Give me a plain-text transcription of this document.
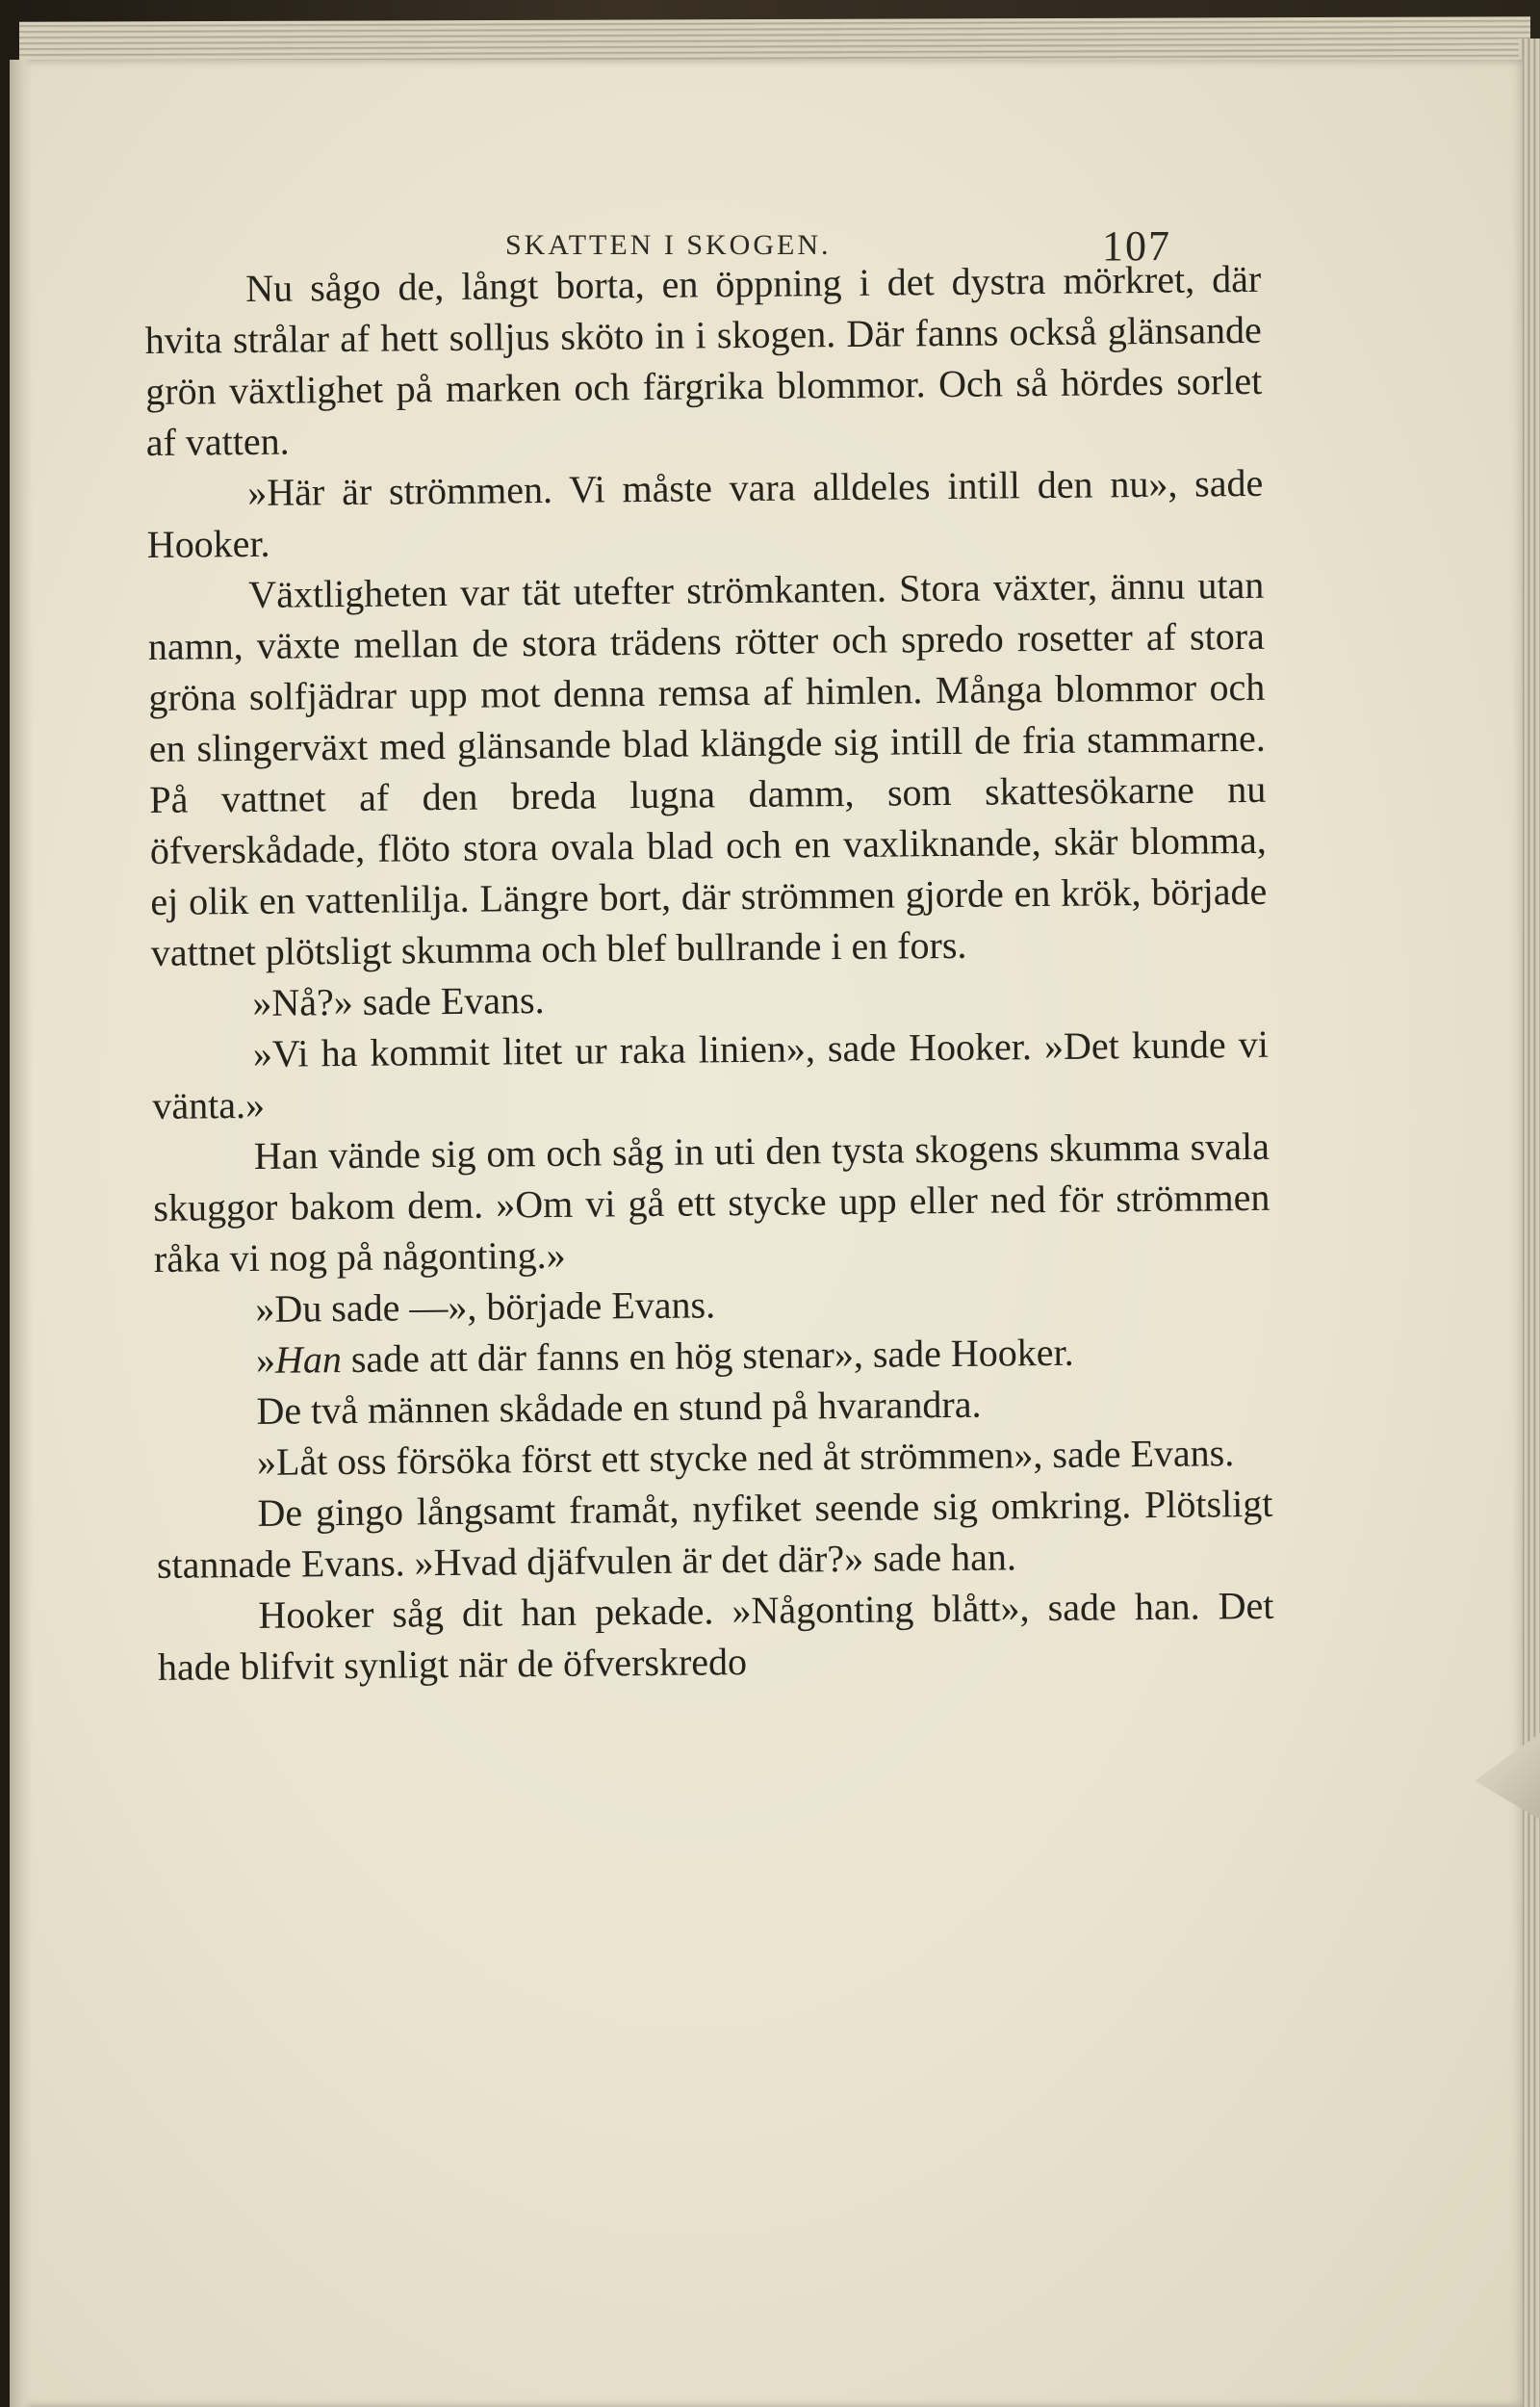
SKATTEN I SKOGEN.	107

Nu sågo de, långt borta, en öppning i det dystra mörkret, där hvita strålar af hett solljus sköto in i skogen. Där fanns också glänsande grön växtlighet på marken och färgrika blommor. Och så hördes sorlet af vatten.

»Här är strömmen. Vi måste vara alldeles intill den nu», sade Hooker.

Växtligheten var tät utefter strömkanten. Stora växter, ännu utan namn, växte mellan de stora trädens rötter och spredo rosetter af stora gröna solfjädrar upp mot denna remsa af himlen. Många blommor och en slingerväxt med glänsande blad klängde sig intill de fria stammarne. På vattnet af den breda lugna damm, som skattesökarne nu öfverskådade, flöto stora ovala blad och en vaxliknande, skär blomma, ej olik en vattenlilja. Längre bort, där strömmen gjorde en krök, började vattnet plötsligt skumma och blef bullrande i en fors.

»Nå?» sade Evans.

»Vi ha kommit litet ur raka linien», sade Hooker. »Det kunde vi vänta.»

Han vände sig om och såg in uti den tysta skogens skumma svala skuggor bakom dem. »Om vi gå ett stycke upp eller ned för strömmen råka vi nog på någonting.»

»Du sade —», började Evans.

»Han sade att där fanns en hög stenar», sade Hooker.

De två männen skådade en stund på hvarandra.

»Låt oss försöka först ett stycke ned åt strömmen», sade Evans.

De gingo långsamt framåt, nyfiket seende sig omkring. Plötsligt stannade Evans. »Hvad djäfvulen är det där?» sade han.

Hooker såg dit han pekade. »Någonting blått», sade han. Det hade blifvit synligt när de öfverskredo
